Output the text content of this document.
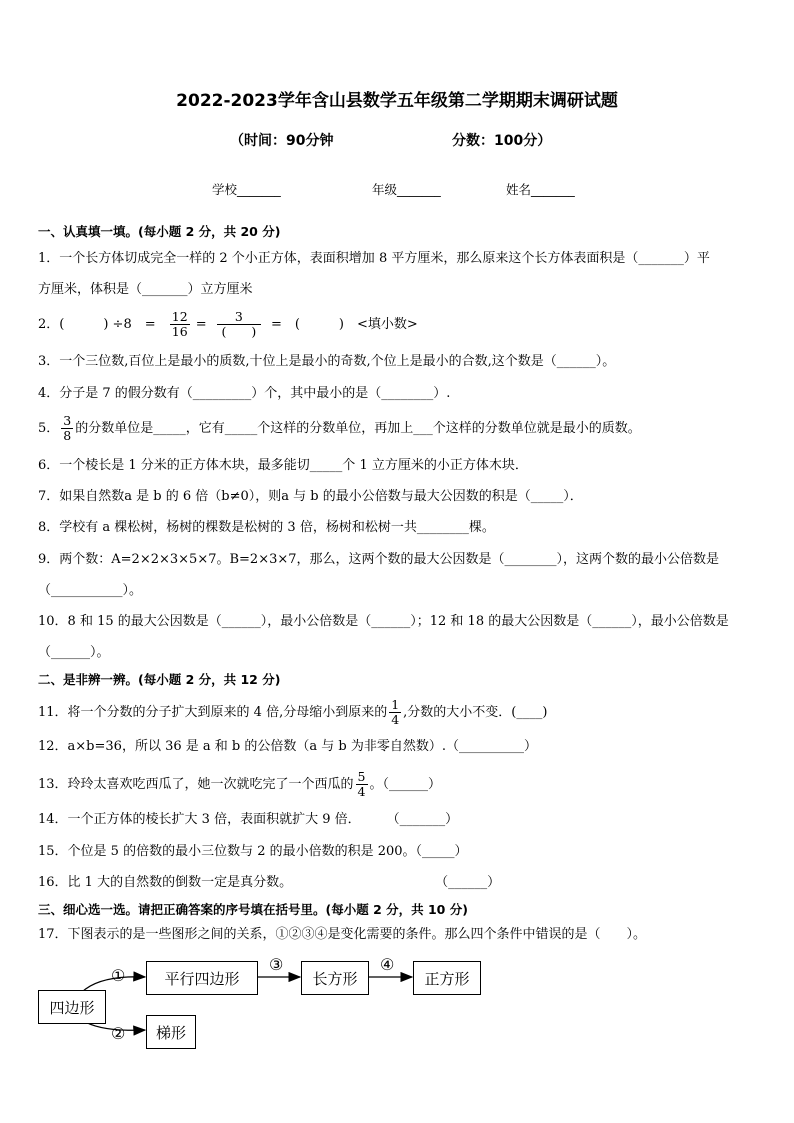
2022-2023学年含山县数学五年级第二学期期末调研试题
（时间：90分钟	分数：100分）
学校_______	年级_______	姓名_______
一、认真填一填。(每小题 2 分，共 20 分)
1．一个长方体切成完全一样的 2 个小正方体，表面积增加 8 平方厘米，那么原来这个长方体表面积是（_______）平
方厘米，体积是（_______）立方厘米
2．(　　　) ÷8　= $\frac{12}{16} = \frac{3}{( )}$ =　(　　　)　<填小数>
3．一个三位数,百位上是最小的质数,十位上是最小的奇数,个位上是最小的合数,这个数是（______）。
4．分子是 7 的假分数有（_________）个，其中最小的是（________）.
5． $\frac{3}{8}$ 的分数单位是_____，它有_____个这样的分数单位，再加上___个这样的分数单位就是最小的质数。
6．一个棱长是 1 分米的正方体木块，最多能切_____个 1 立方厘米的小正方体木块．
7．如果自然数a 是 b 的 6 倍（b≠0），则a 与 b 的最小公倍数与最大公因数的积是（_____）．
8．学校有 a 棵松树，杨树的棵数是松树的 3 倍，杨树和松树一共________棵。
9．两个数：A=2×2×3×5×7。B=2×3×7，那么，这两个数的最大公因数是（________），这两个数的最小公倍数是
（___________）。
10．8 和 15 的最大公因数是（______），最小公倍数是（______）；12 和 18 的最大公因数是（______），最小公倍数是
（______）。
二、是非辨一辨。(每小题 2 分，共 12 分)
11．将一个分数的分子扩大到原来的 4 倍,分母缩小到原来的 $\frac{1}{4}$ ,分数的大小不变．(____)
12．a×b=36，所以 36 是 a 和 b 的公倍数（a 与 b 为非零自然数）.（__________）
13．玲玲太喜欢吃西瓜了，她一次就吃完了一个西瓜的 $\frac{5}{4}$ 。（______）
14．一个正方体的棱长扩大 3 倍，表面积就扩大 9 倍．　　　（_______）
15．个位是 5 的倍数的最小三位数与 2 的最小倍数的积是 200。（_____）
16．比 1 大的自然数的倒数一定是真分数。　　　　　　　　　　　　（______）
三、细心选一选。请把正确答案的序号填在括号里。(每小题 2 分，共 10 分)
17．下图表示的是一些图形之间的关系，①②③④是变化需要的条件。那么四个条件中错误的是（　　）。
四边形
平行四边形	长方形	正方形
梯形
①
②
③	④
